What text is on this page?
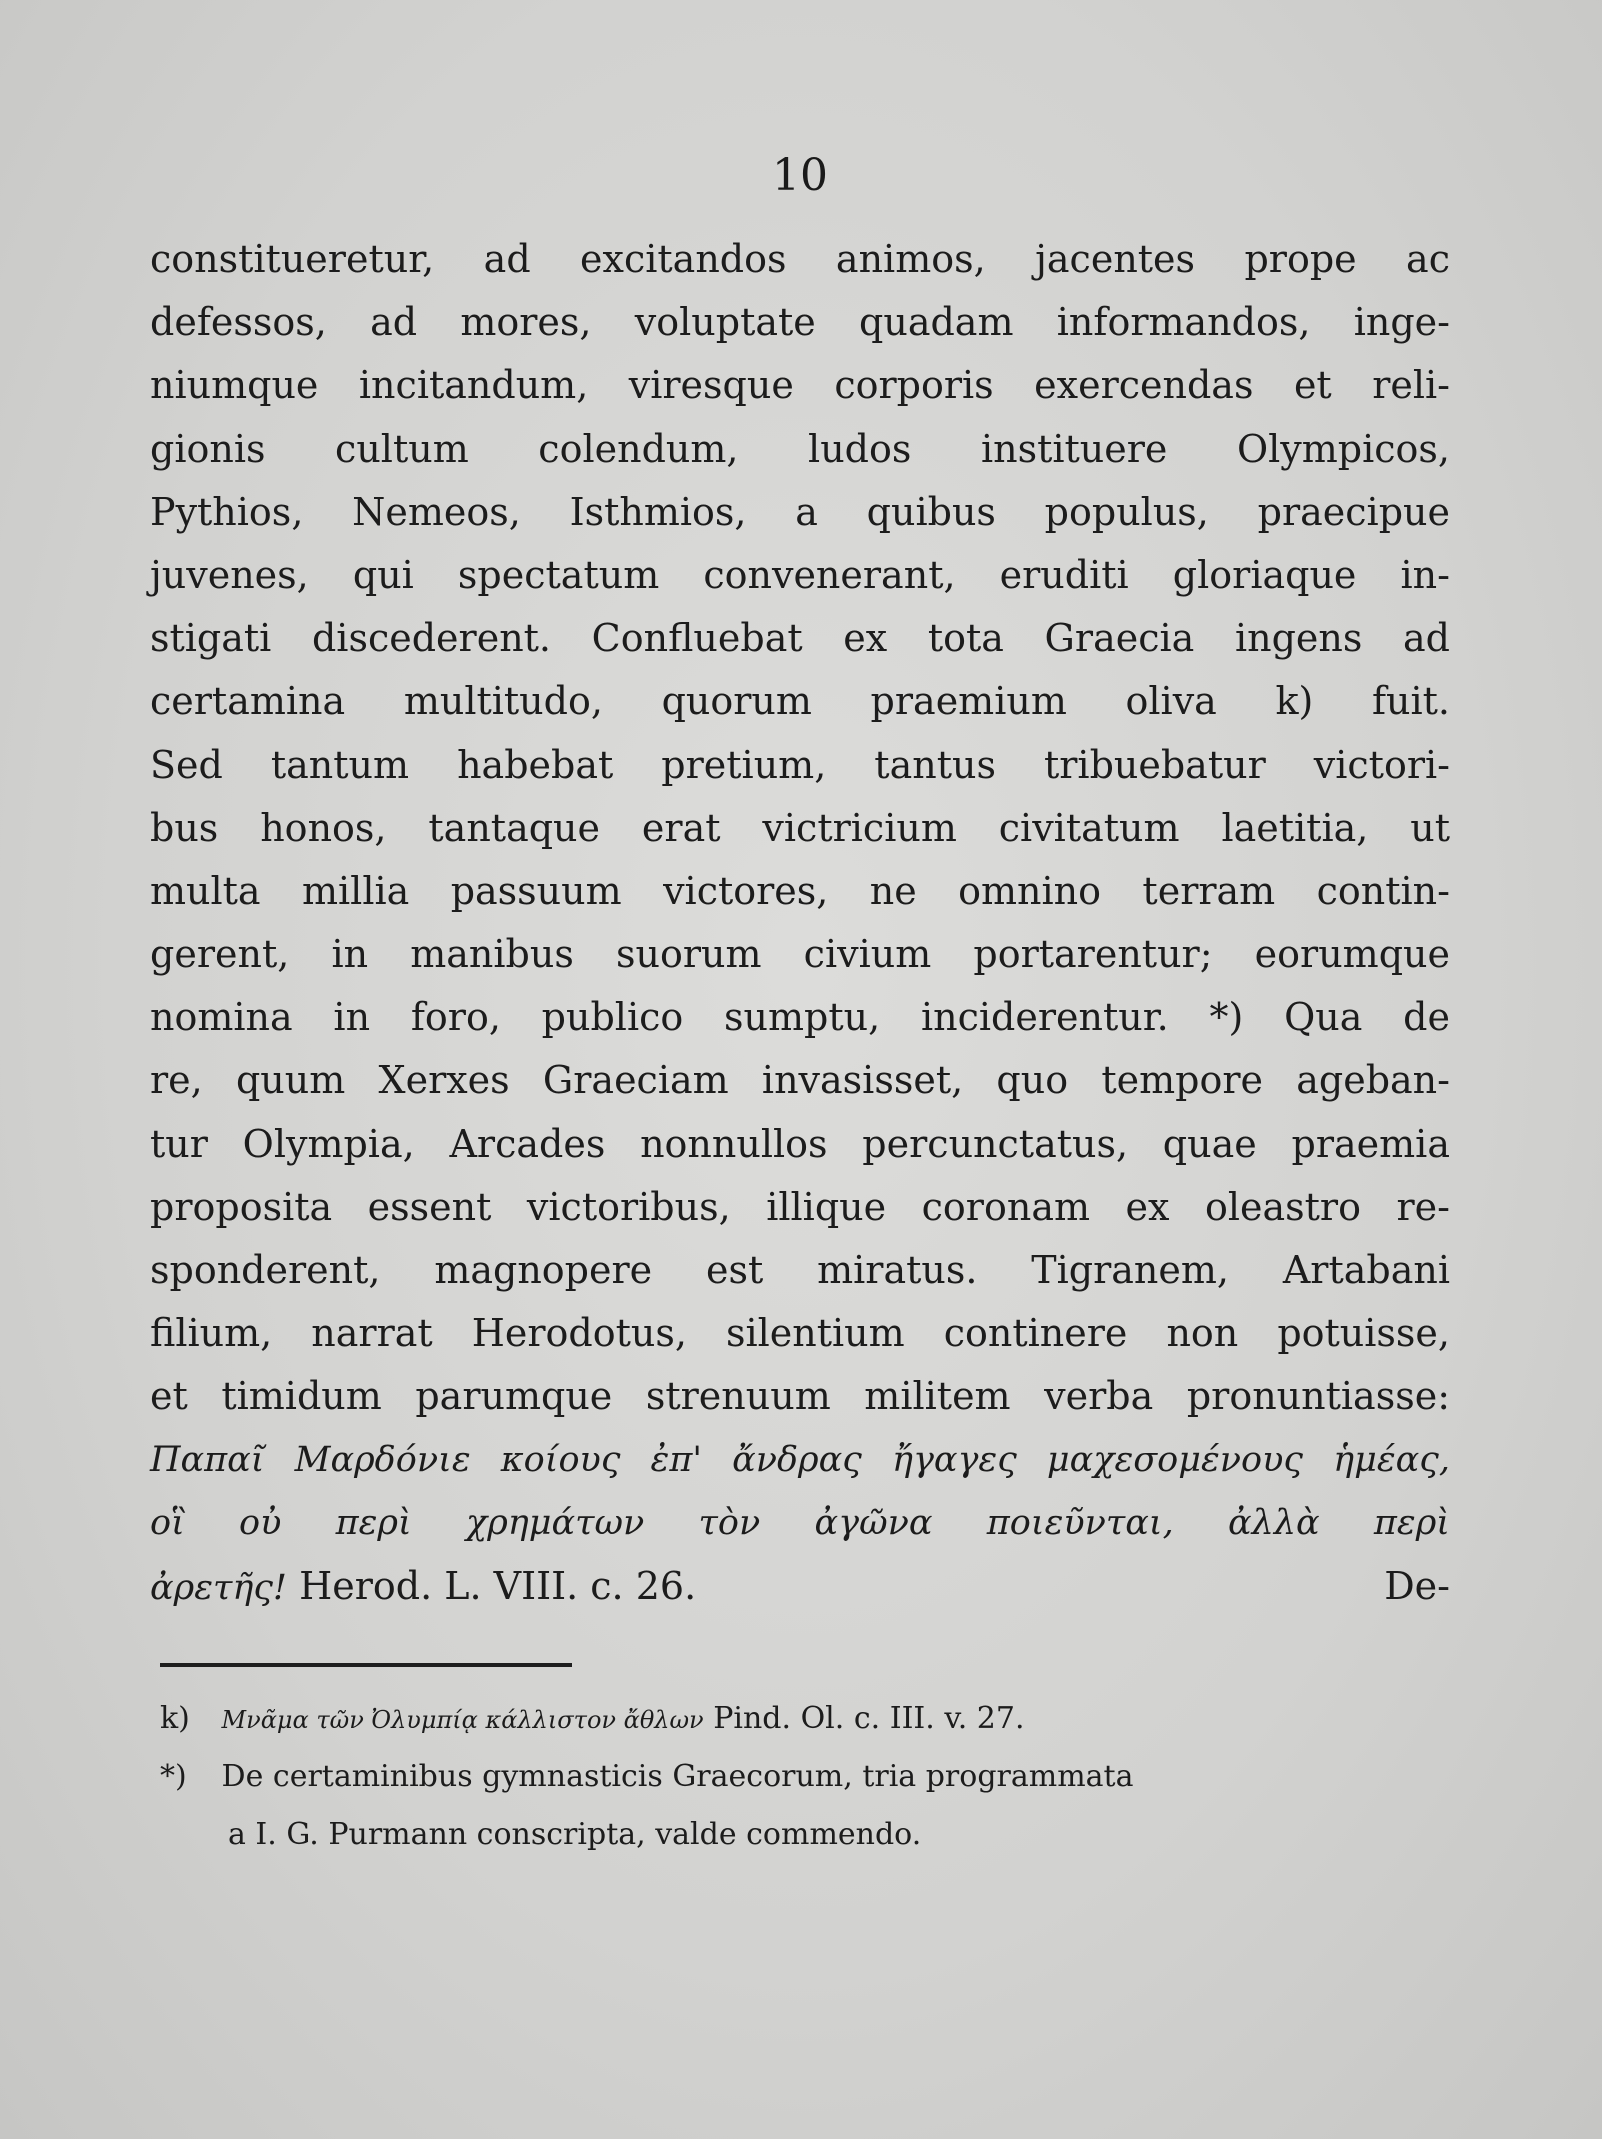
10
constitueretur, ad excitandos animos, jacentes prope ac
defessos, ad mores, voluptate quadam informandos, inge-
niumque incitandum, viresque corporis exercendas et reli-
gionis cultum colendum, ludos instituere Olympicos,
Pythios, Nemeos, Isthmios, a quibus populus, praecipue
juvenes, qui spectatum convenerant, eruditi gloriaque in-
stigati discederent. Confluebat ex tota Graecia ingens ad
certamina multitudo, quorum praemium oliva k) fuit.
Sed tantum habebat pretium, tantus tribuebatur victori-
bus honos, tantaque erat victricium civitatum laetitia, ut
multa millia passuum victores, ne omnino terram contin-
gerent, in manibus suorum civium portarentur; eorumque
nomina in foro, publico sumptu, inciderentur. *) Qua de
re, quum Xerxes Graeciam invasisset, quo tempore ageban-
tur Olympia, Arcades nonnullos percunctatus, quae praemia
proposita essent victoribus, illique coronam ex oleastro re-
sponderent, magnopere est miratus. Tigranem, Artabani
filium, narrat Herodotus, silentium continere non potuisse,
et timidum parumque strenuum militem verba pronuntiasse:
Παπαῖ Μαρδόνιε κοίους ἐπ' ἄνδρας ἤγαγες μαχεσομένους ἡμέας,
οἳ οὐ περὶ χρημάτων τὸν ἀγῶνα ποιεῦνται, ἀλλὰ περὶ
ἀρετῆς! Herod. L. VIII. c. 26.	De-
k) Μνᾶμα τῶν Ὀλυμπίᾳ κάλλιστον ἄθλων Pind. Ol. c. III. v. 27.
*) De certaminibus gymnasticis Graecorum, tria programmata
a I. G. Purmann conscripta, valde commendo.
